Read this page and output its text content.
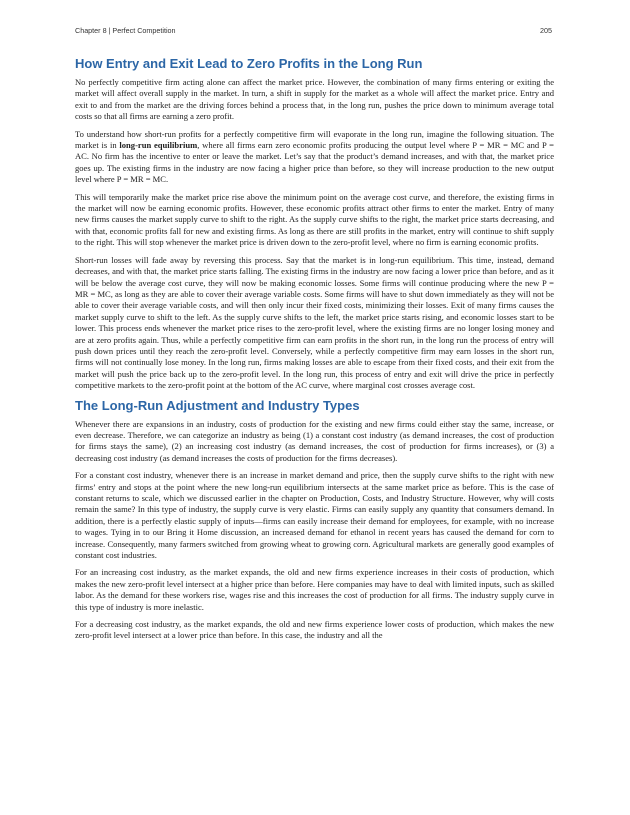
Chapter 8 | Perfect Competition	205
How Entry and Exit Lead to Zero Profits in the Long Run

No perfectly competitive firm acting alone can affect the market price. However, the combination of many firms entering or exiting the market will affect overall supply in the market. In turn, a shift in supply for the market as a whole will affect the market price. Entry and exit to and from the market are the driving forces behind a process that, in the long run, pushes the price down to minimum average total costs so that all firms are earning a zero profit.

To understand how short-run profits for a perfectly competitive firm will evaporate in the long run, imagine the following situation. The market is in long-run equilibrium, where all firms earn zero economic profits producing the output level where P = MR = MC and P = AC. No firm has the incentive to enter or leave the market. Let’s say that the product’s demand increases, and with that, the market price goes up. The existing firms in the industry are now facing a higher price than before, so they will increase production to the new output level where P = MR = MC.

This will temporarily make the market price rise above the minimum point on the average cost curve, and therefore, the existing firms in the market will now be earning economic profits. However, these economic profits attract other firms to enter the market. Entry of many new firms causes the market supply curve to shift to the right. As the supply curve shifts to the right, the market price starts decreasing, and with that, economic profits fall for new and existing firms. As long as there are still profits in the market, entry will continue to shift supply to the right. This will stop whenever the market price is driven down to the zero-profit level, where no firm is earning economic profits.

Short-run losses will fade away by reversing this process. Say that the market is in long-run equilibrium. This time, instead, demand decreases, and with that, the market price starts falling. The existing firms in the industry are now facing a lower price than before, and as it will be below the average cost curve, they will now be making economic losses. Some firms will continue producing where the new P = MR = MC, as long as they are able to cover their average variable costs. Some firms will have to shut down immediately as they will not be able to cover their average variable costs, and will then only incur their fixed costs, minimizing their losses. Exit of many firms causes the market supply curve to shift to the left. As the supply curve shifts to the left, the market price starts rising, and economic losses start to be lower. This process ends whenever the market price rises to the zero-profit level, where the existing firms are no longer losing money and are at zero profits again. Thus, while a perfectly competitive firm can earn profits in the short run, in the long run the process of entry will push down prices until they reach the zero-profit level. Conversely, while a perfectly competitive firm may earn losses in the short run, firms will not continually lose money. In the long run, firms making losses are able to escape from their fixed costs, and their exit from the market will push the price back up to the zero-profit level. In the long run, this process of entry and exit will drive the price in perfectly competitive markets to the zero-profit point at the bottom of the AC curve, where marginal cost crosses average cost.

The Long-Run Adjustment and Industry Types

Whenever there are expansions in an industry, costs of production for the existing and new firms could either stay the same, increase, or even decrease. Therefore, we can categorize an industry as being (1) a constant cost industry (as demand increases, the cost of production for firms stays the same), (2) an increasing cost industry (as demand increases, the cost of production for firms increases), or (3) a decreasing cost industry (as demand increases the costs of production for the firms decreases).

For a constant cost industry, whenever there is an increase in market demand and price, then the supply curve shifts to the right with new firms’ entry and stops at the point where the new long-run equilibrium intersects at the same market price as before. This is the case of constant returns to scale, which we discussed earlier in the chapter on Production, Costs, and Industry Structure. However, why will costs remain the same? In this type of industry, the supply curve is very elastic. Firms can easily supply any quantity that consumers demand. In addition, there is a perfectly elastic supply of inputs—firms can easily increase their demand for employees, for example, with no increase to wages. Tying in to our Bring it Home discussion, an increased demand for ethanol in recent years has caused the demand for corn to increase. Consequently, many farmers switched from growing wheat to growing corn. Agricultural markets are generally good examples of constant cost industries.

For an increasing cost industry, as the market expands, the old and new firms experience increases in their costs of production, which makes the new zero-profit level intersect at a higher price than before. Here companies may have to deal with limited inputs, such as skilled labor. As the demand for these workers rise, wages rise and this increases the cost of production for all firms. The industry supply curve in this type of industry is more inelastic.

For a decreasing cost industry, as the market expands, the old and new firms experience lower costs of production, which makes the new zero-profit level intersect at a lower price than before. In this case, the industry and all the
